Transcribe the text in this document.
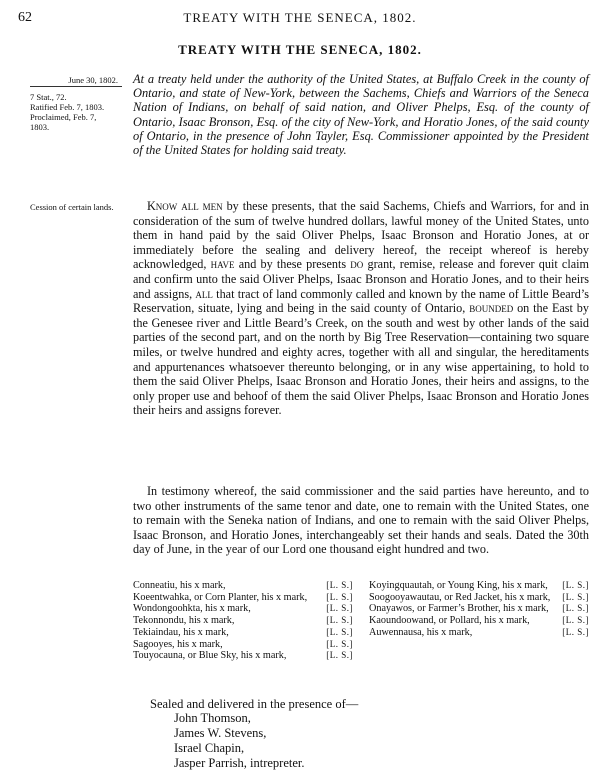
62	TREATY WITH THE SENECA, 1802.
TREATY WITH THE SENECA, 1802.
June 30, 1802.
7 Stat., 72.
Ratified Feb. 7, 1803.
Proclaimed, Feb. 7,
1803.
Cession of certain lands.
At a treaty held under the authority of the United States, at Buffalo Creek in the county of Ontario, and state of New-York, between the Sachems, Chiefs and Warriors of the Seneca Nation of Indians, on behalf of said nation, and Oliver Phelps, Esq. of the county of Ontario, Isaac Bronson, Esq. of the city of New-York, and Horatio Jones, of the said county of Ontario, in the presence of John Tayler, Esq. Commissioner appointed by the President of the United States for holding said treaty.
Know all men by these presents, that the said Sachems, Chiefs and Warriors, for and in consideration of the sum of twelve hundred dollars, lawful money of the United States, unto them in hand paid by the said Oliver Phelps, Isaac Bronson and Horatio Jones, at or immediately before the sealing and delivery hereof, the receipt whereof is hereby acknowledged, have and by these presents do grant, remise, release and forever quit claim and confirm unto the said Oliver Phelps, Isaac Bronson and Horatio Jones, and to their heirs and assigns, all that tract of land commonly called and known by the name of Little Beard’s Reservation, situate, lying and being in the said county of Ontario, bounded on the East by the Genesee river and Little Beard’s Creek, on the south and west by other lands of the said parties of the second part, and on the north by Big Tree Reservation—containing two square miles, or twelve hundred and eighty acres, together with all and singular, the hereditaments and appurtenances whatsoever thereunto belonging, or in any wise appertaining, to hold to them the said Oliver Phelps, Isaac Bronson and Horatio Jones, their heirs and assigns, to the only proper use and behoof of them the said Oliver Phelps, Isaac Bronson and Horatio Jones their heirs and assigns forever.
In testimony whereof, the said commissioner and the said parties have hereunto, and to two other instruments of the same tenor and date, one to remain with the United States, one to remain with the Seneka nation of Indians, and one to remain with the said Oliver Phelps, Isaac Bronson, and Horatio Jones, interchangeably set their hands and seals. Dated the 30th day of June, in the year of our Lord one thousand eight hundred and two.
Conneatiu, his x mark,	[L. S.]
Koeentwahka, or Corn Planter, his x mark, [L. S.]
Wondongoohkta, his x mark,	[L. S.]
Tekonnondu, his x mark,	[L. S.]
Tekiaindau, his x mark,	[L. S.]
Sagooyes, his x mark,	[L. S.]
Touyocauna, or Blue Sky, his x mark,	[L. S.]
Koyingquautah, or Young King, his x mark, [L. S.]
Soogooyawautau, or Red Jacket, his x mark, [L. S.]
Onayawos, or Farmer’s Brother, his x mark, [L. S.]
Kaoundoowand, or Pollard, his x mark,	[L. S.]
Auwennausa, his x mark,	[L. S.]
Sealed and delivered in the presence of—
John Thomson,
James W. Stevens,
Israel Chapin,
Jasper Parrish, intrepreter.
